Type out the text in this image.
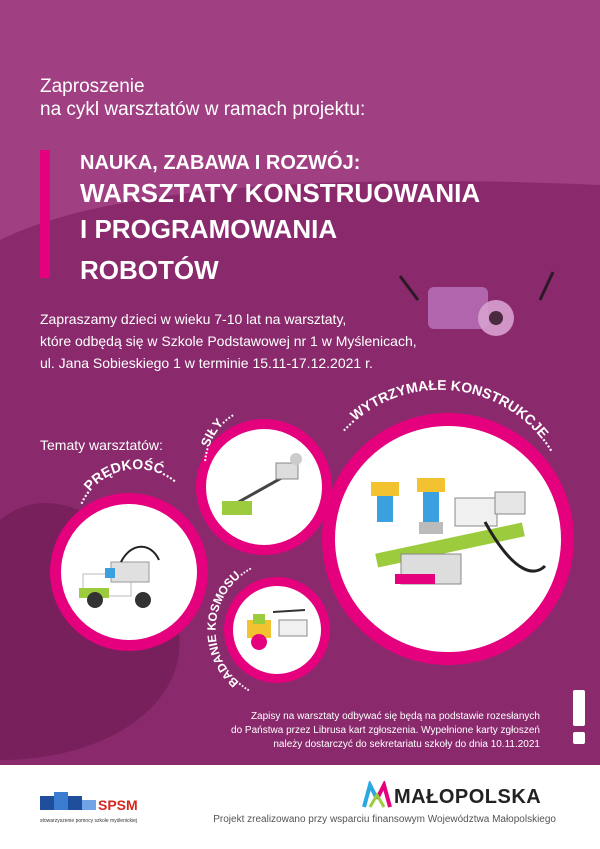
Zaproszenie
na cykl warsztatów w ramach projektu:
NAUKA, ZABAWA I ROZWÓJ:
WARSZTATY KONSTRUOWANIA
I PROGRAMOWANIA
ROBOTÓW
Zapraszamy dzieci w wieku 7-10 lat na warsztaty,
które odbędą się w Szkole Podstawowej nr 1 w Myślenicach,
ul. Jana Sobieskiego 1 w terminie 15.11-17.12.2021 r.
Tematy warsztatów:
....PRĘDKOŚĆ....
....SIŁY....
....WYTRZYMAŁE KONSTRUKCJE....
....BADANIE KOSMOSU....
Zapisy na warsztaty odbywać się będą na podstawie rozesłanych
do Państwa przez Librusa kart zgłoszenia. Wypełnione karty zgłoszeń
należy dostarczyć do sekretariatu szkoły do dnia 10.11.2021
SPSM
stowarzyszenie pomocy szkole myślenickiej
MAŁOPOLSKA
Projekt zrealizowano przy wsparciu finansowym Województwa Małopolskiego
